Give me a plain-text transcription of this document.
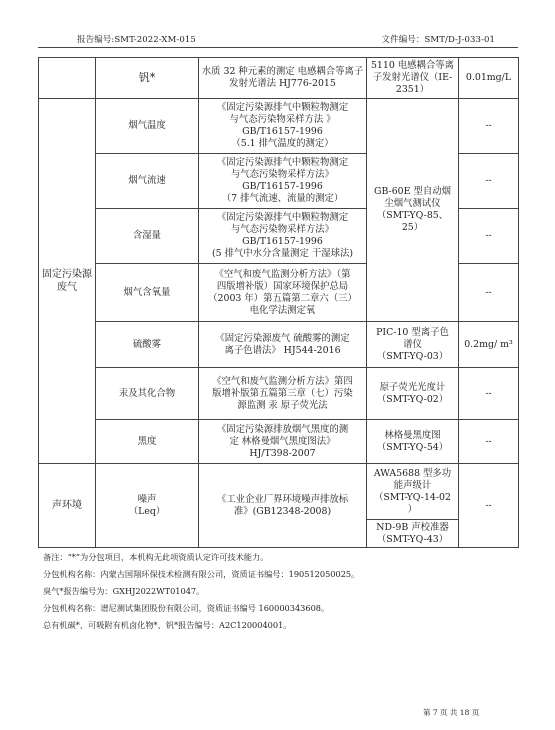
报告编号:SMT-2022-XM-015	文件编号：SMT/D-J-033-01
	钒*	水质 32 种元素的测定 电感耦合等离子发射光谱法 HJ776-2015	5110 电感耦合等离子发射光谱仪（IE-2351）	0.01mg/L
固定污染源废气	烟气温度	《固定污染源排气中颗粒物测定
与气态污染物采样方法 》
GB/T16157-1996
（5.1 排气温度的测定）	GB-60E 型自动烟
尘烟气测试仪
（SMT-YQ-85、
25）	--
	烟气流速	《固定污染源排气中颗粒物测定
与气态污染物采样方法》
GB/T16157-1996
（7 排气流速、流量的测定）		--
	含湿量	《固定污染源排气中颗粒物测定
与气态污染物采样方法》
GB/T16157-1996
(5 排气中水分含量测定 干湿球法)		--
	烟气含氧量	《空气和废气监测分析方法》（第
四版增补版）国家环境保护总局
（2003 年）第五篇第二章六（三）
电化学法测定氧		--
	硫酸雾	《固定污染源废气 硫酸雾的测定
离子色谱法》 HJ544-2016	PIC-10 型离子色
谱仪
（SMT-YQ-03）	0.2mg/ m³
	汞及其化合物	《空气和废气监测分析方法》第四
版增补版第五篇第三章（七）污染
源监测 汞 原子荧光法	原子荧光光度计
（SMT-YQ-02）	--
	黑度	《固定污染源排放烟气黑度的测
定 林格曼烟气黑度图法》
HJ/T398-2007	林格曼黑度图
（SMT-YQ-54）	--
声环境	噪声
（Leq）	《工业企业厂界环境噪声排放标
准》(GB12348-2008)	AWA5688 型多功
能声级计
（SMT-YQ-14-02
）	--

			ND-9B 声校准器
（SMT-YQ-43）	
备注：“*”为分包项目，本机构无此项资质认定许可技术能力。
分包机构名称：内蒙古国翔环保技术检测有限公司，资质证书编号：190512050025。
臭气*报告编号为：GXHJ2022WT01047。
分包机构名称：谱尼测试集团股份有限公司，资质证书编号 160000343608。
总有机碳*、可吸附有机卤化物*、钒*报告编号：A2C120004001。
第 7 页 共 18 页
